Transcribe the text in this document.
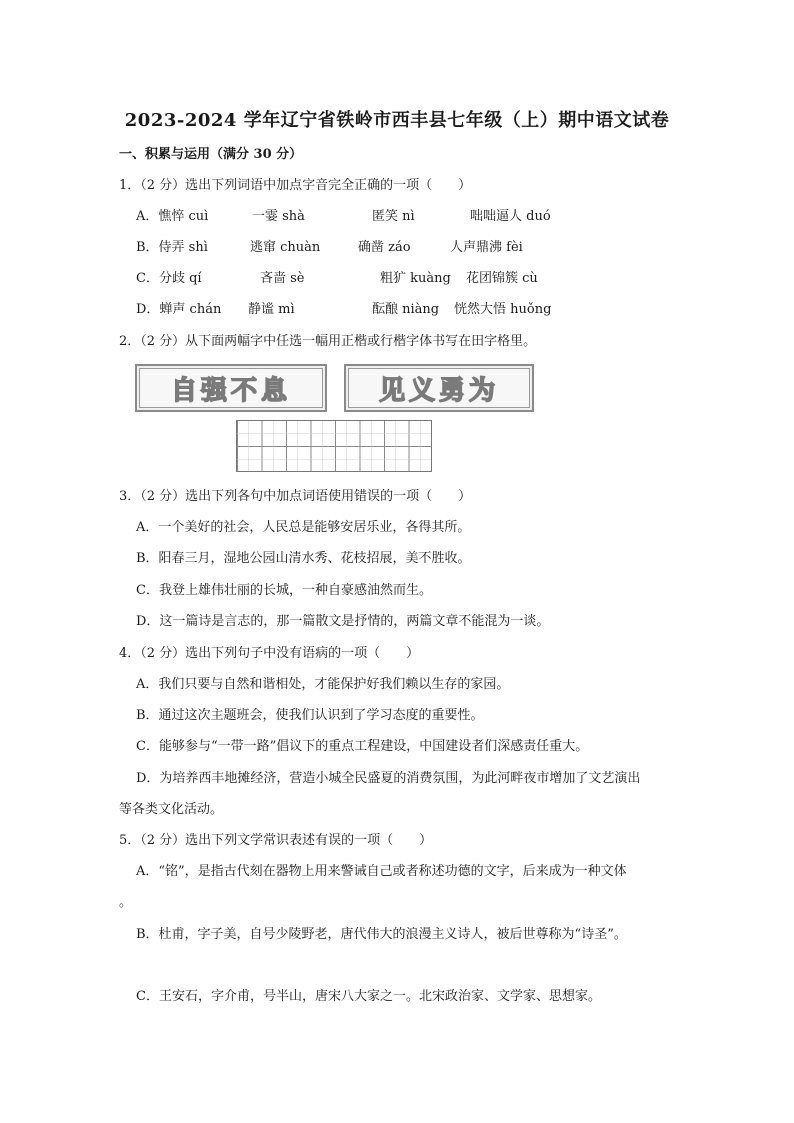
2023-2024 学年辽宁省铁岭市西丰县七年级（上）期中语文试卷
一、积累与运用（满分 30 分）
1．（2 分）选出下列词语中加点字音完全正确的一项（　　）
A．憔悴 cuì	一霎 shà	匿笑 nì	咄咄逼人 duó
B．侍弄 shì	逃窜 chuàn	确凿 záo	人声鼎沸 fèi
C．分歧 qí	吝啬 sè	粗犷 kuàng 花团锦簇 cù
D．蝉声 chán 静谧 mì	酝酿 niàng 恍然大悟 huǒng
2．（2 分）从下面两幅字中任选一幅用正楷或行楷字体书写在田字格里。
自强不息	见义勇为
3．（2 分）选出下列各句中加点词语使用错误的一项（　　）
A．一个美好的社会，人民总是能够安居乐业，各得其所。
B．阳春三月，湿地公园山清水秀、花枝招展，美不胜收。
C．我登上雄伟壮丽的长城，一种自豪感油然而生。
D．这一篇诗是言志的，那一篇散文是抒情的，两篇文章不能混为一谈。
4．（2 分）选出下列句子中没有语病的一项（　　）
A．我们只要与自然和谐相处，才能保护好我们赖以生存的家园。
B．通过这次主题班会，使我们认识到了学习态度的重要性。
C．能够参与“一带一路”倡议下的重点工程建设，中国建设者们深感责任重大。
D．为培养西丰地摊经济，营造小城全民盛夏的消费氛围，为此河畔夜市增加了文艺演出
等各类文化活动。
5．（2 分）选出下列文学常识表述有误的一项（　　）
A．“铭”，是指古代刻在器物上用来警诫自己或者称述功德的文字，后来成为一种文体
。
B．杜甫，字子美，自号少陵野老，唐代伟大的浪漫主义诗人，被后世尊称为“诗圣”。
C．王安石，字介甫，号半山，唐宋八大家之一。北宋政治家、文学家、思想家。
